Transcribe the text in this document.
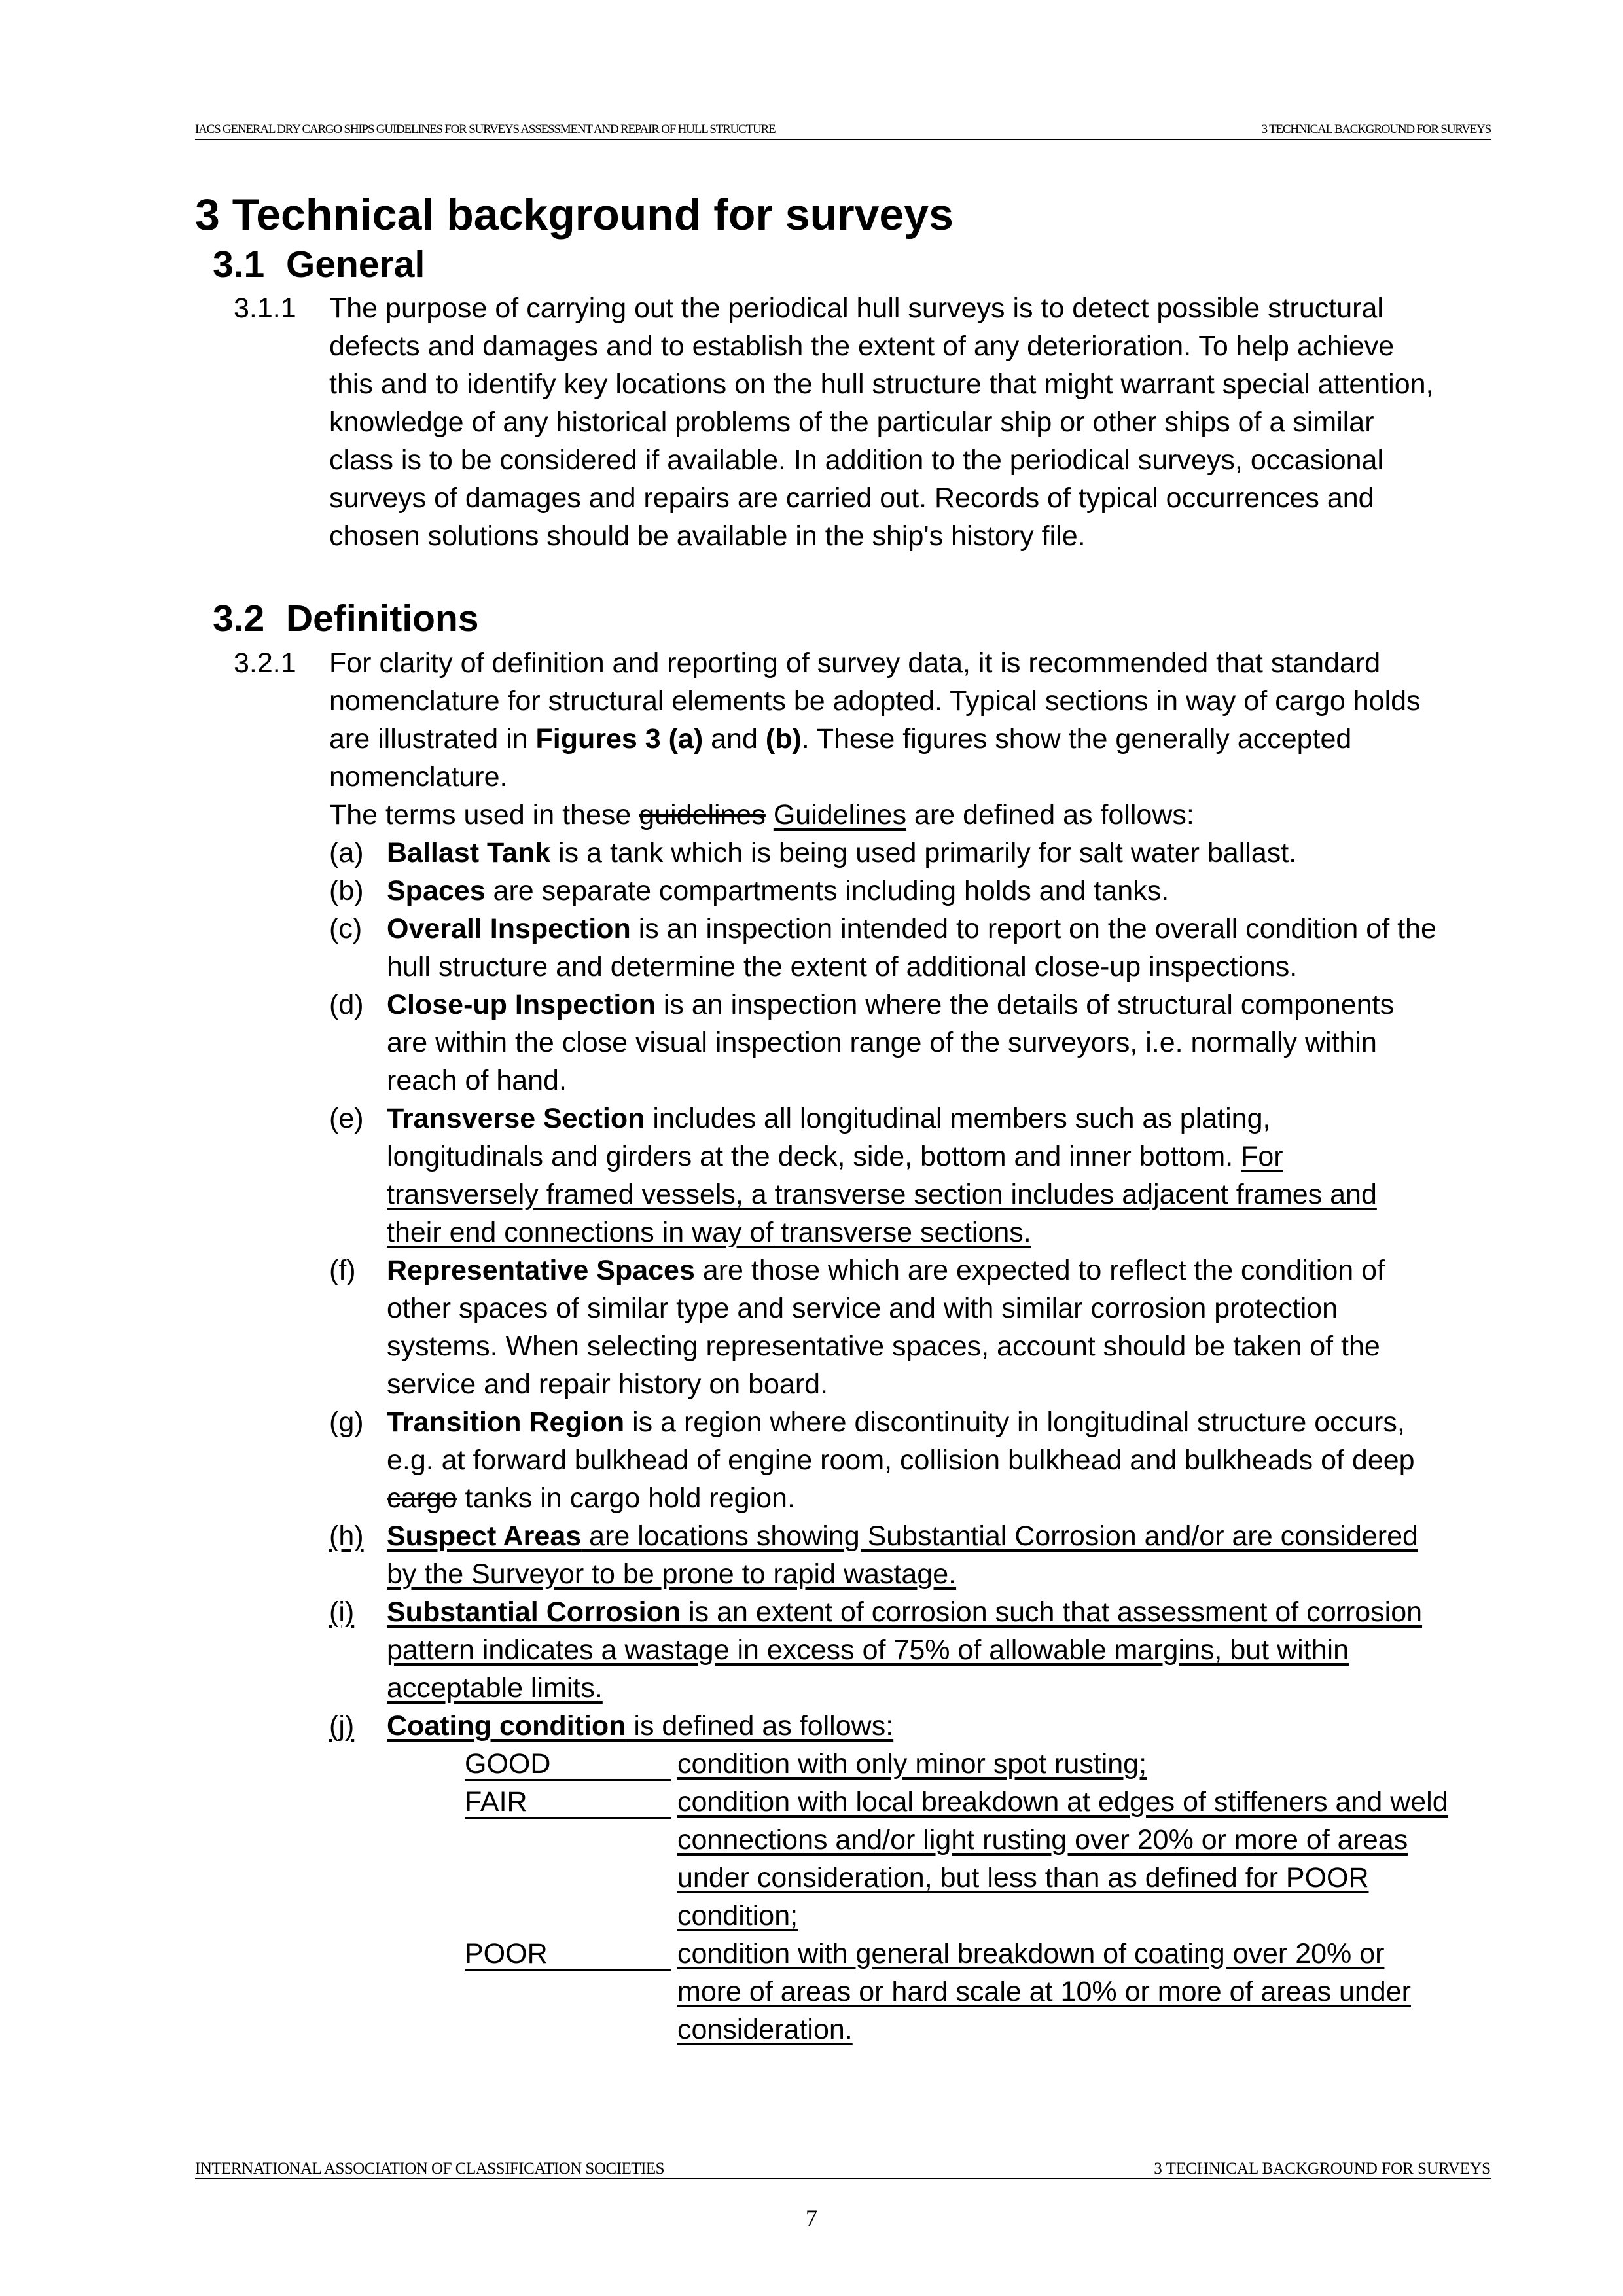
IACS GENERAL DRY CARGO SHIPS GUIDELINES FOR SURVEYS ASSESSMENT AND REPAIR OF HULL STRUCTURE	3 TECHNICAL BACKGROUND FOR SURVEYS
3 Technical background for surveys
3.1 General
3.1.1 The purpose of carrying out the periodical hull surveys is to detect possible structural
defects and damages and to establish the extent of any deterioration. To help achieve
this and to identify key locations on the hull structure that might warrant special attention,
knowledge of any historical problems of the particular ship or other ships of a similar
class is to be considered if available. In addition to the periodical surveys, occasional
surveys of damages and repairs are carried out. Records of typical occurrences and
chosen solutions should be available in the ship's history file.
3.2 Definitions
3.2.1 For clarity of definition and reporting of survey data, it is recommended that standard
nomenclature for structural elements be adopted. Typical sections in way of cargo holds
are illustrated in Figures 3 (a) and (b). These figures show the generally accepted
nomenclature.
The terms used in these guidelines Guidelines are defined as follows:
(a) Ballast Tank is a tank which is being used primarily for salt water ballast.
(b) Spaces are separate compartments including holds and tanks.
(c) Overall Inspection is an inspection intended to report on the overall condition of the
hull structure and determine the extent of additional close-up inspections.
(d) Close-up Inspection is an inspection where the details of structural components
are within the close visual inspection range of the surveyors, i.e. normally within
reach of hand.
(e) Transverse Section includes all longitudinal members such as plating,
longitudinals and girders at the deck, side, bottom and inner bottom. For
transversely framed vessels, a transverse section includes adjacent frames and
their end connections in way of transverse sections.
(f) Representative Spaces are those which are expected to reflect the condition of
other spaces of similar type and service and with similar corrosion protection
systems. When selecting representative spaces, account should be taken of the
service and repair history on board.
(g) Transition Region is a region where discontinuity in longitudinal structure occurs,
e.g. at forward bulkhead of engine room, collision bulkhead and bulkheads of deep
cargo tanks in cargo hold region.
(h) Suspect Areas are locations showing Substantial Corrosion and/or are considered
by the Surveyor to be prone to rapid wastage.
(i) Substantial Corrosion is an extent of corrosion such that assessment of corrosion
pattern indicates a wastage in excess of 75% of allowable margins, but within
acceptable limits.
(j) Coating condition is defined as follows:
GOOD	condition with only minor spot rusting;
FAIR	condition with local breakdown at edges of stiffeners and weld
connections and/or light rusting over 20% or more of areas
under consideration, but less than as defined for POOR
condition;
POOR	condition with general breakdown of coating over 20% or
more of areas or hard scale at 10% or more of areas under
consideration.
INTERNATIONAL ASSOCIATION OF CLASSIFICATION SOCIETIES	3 TECHNICAL BACKGROUND FOR SURVEYS
7
